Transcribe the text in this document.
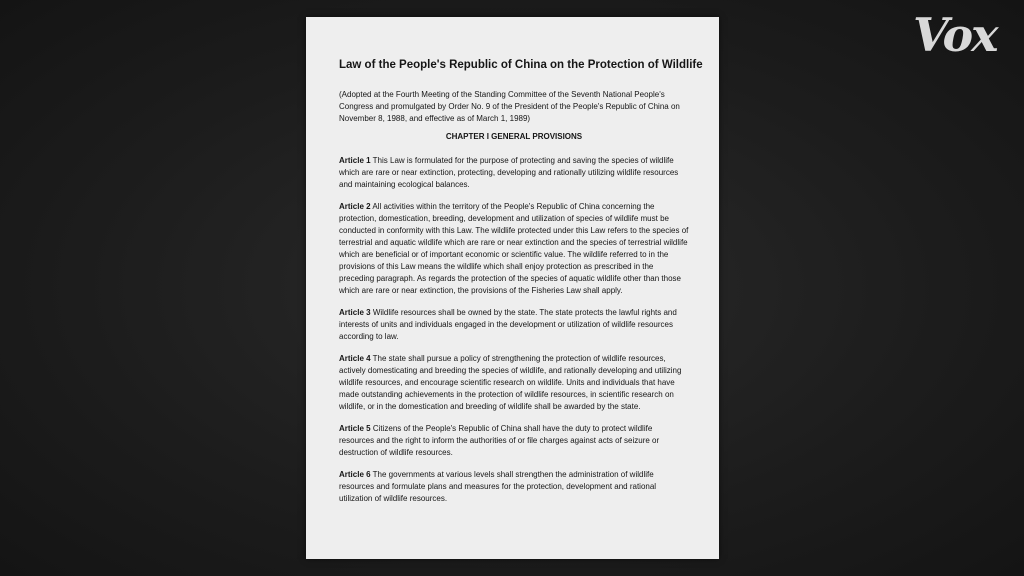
Vox
Law of the People's Republic of China on the Protection of Wildlife
(Adopted at the Fourth Meeting of the Standing Committee of the Seventh National People's Congress and promulgated by Order No. 9 of the President of the People's Republic of China on November 8, 1988, and effective as of March 1, 1989)
CHAPTER I GENERAL PROVISIONS
Article 1 This Law is formulated for the purpose of protecting and saving the species of wildlife which are rare or near extinction, protecting, developing and rationally utilizing wildlife resources and maintaining ecological balances.
Article 2 All activities within the territory of the People's Republic of China concerning the protection, domestication, breeding, development and utilization of species of wildlife must be conducted in conformity with this Law. The wildlife protected under this Law refers to the species of terrestrial and aquatic wildlife which are rare or near extinction and the species of terrestrial wildlife which are beneficial or of important economic or scientific value. The wildlife referred to in the provisions of this Law means the wildlife which shall enjoy protection as prescribed in the preceding paragraph. As regards the protection of the species of aquatic wildlife other than those which are rare or near extinction, the provisions of the Fisheries Law shall apply.
Article 3 Wildlife resources shall be owned by the state. The state protects the lawful rights and interests of units and individuals engaged in the development or utilization of wildlife resources according to law.
Article 4 The state shall pursue a policy of strengthening the protection of wildlife resources, actively domesticating and breeding the species of wildlife, and rationally developing and utilizing wildlife resources, and encourage scientific research on wildlife. Units and individuals that have made outstanding achievements in the protection of wildlife resources, in scientific research on wildlife, or in the domestication and breeding of wildlife shall be awarded by the state.
Article 5 Citizens of the People's Republic of China shall have the duty to protect wildlife resources and the right to inform the authorities of or file charges against acts of seizure or destruction of wildlife resources.
Article 6 The governments at various levels shall strengthen the administration of wildlife resources and formulate plans and measures for the protection, development and rational utilization of wildlife resources.
